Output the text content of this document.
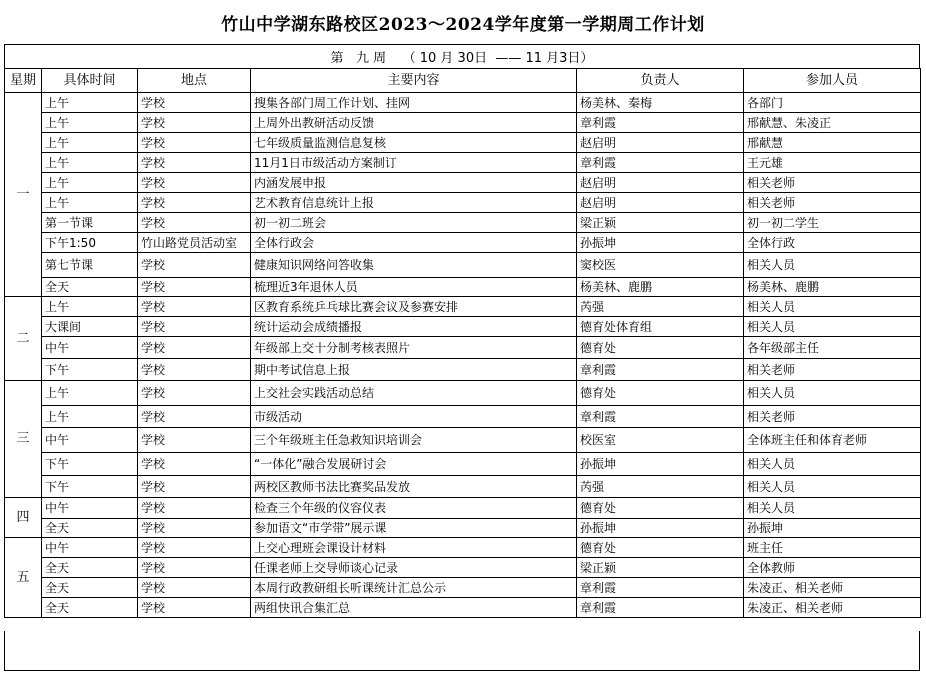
竹山中学湖东路校区2023～2024学年度第一学期周工作计划
第   九 周    （ 10 月 30日  —— 11 月3日）
星期	具体时间	地点	主要内容	负责人	参加人员
一	上午	学校	搜集各部门周工作计划、挂网	杨美林、秦梅	各部门
	上午	学校	上周外出教研活动反馈	章利霞	邢献慧、朱凌正
	上午	学校	七年级质量监测信息复核	赵启明	邢献慧
	上午	学校	11月1日市级活动方案制订	章利霞	王元雄
	上午	学校	内涵发展申报	赵启明	相关老师
	上午	学校	艺术教育信息统计上报	赵启明	相关老师
	第一节课	学校	初一初二班会	梁正颖	初一初二学生
	下午1:50	竹山路党员活动室	全体行政会	孙振坤	全体行政
	第七节课	学校	健康知识网络问答收集	窦校医	相关人员
	全天	学校	梳理近3年退休人员	杨美林、鹿鹏	杨美林、鹿鹏
二	上午	学校	区教育系统乒乓球比赛会议及参赛安排	芮强	相关人员
	大课间	学校	统计运动会成绩播报	德育处体育组	相关人员
	中午	学校	年级部上交十分制考核表照片	德育处	各年级部主任
	下午	学校	期中考试信息上报	章利霞	相关老师
三	上午	学校	上交社会实践活动总结	德育处	相关人员
	上午	学校	市级活动	章利霞	相关老师
	中午	学校	三个年级班主任急救知识培训会	校医室	全体班主任和体育老师
	下午	学校	“一体化”融合发展研讨会	孙振坤	相关人员
	下午	学校	两校区教师书法比赛奖品发放	芮强	相关人员
四	中午	学校	检查三个年级的仪容仪表	德育处	相关人员
	全天	学校	参加语文“市学带”展示课	孙振坤	孙振坤
五	中午	学校	上交心理班会课设计材料	德育处	班主任
	全天	学校	任课老师上交导师谈心记录	梁正颖	全体教师
	全天	学校	本周行政教研组长听课统计汇总公示	章利霞	朱凌正、相关老师
	全天	学校	两组快讯合集汇总	章利霞	朱凌正、相关老师
